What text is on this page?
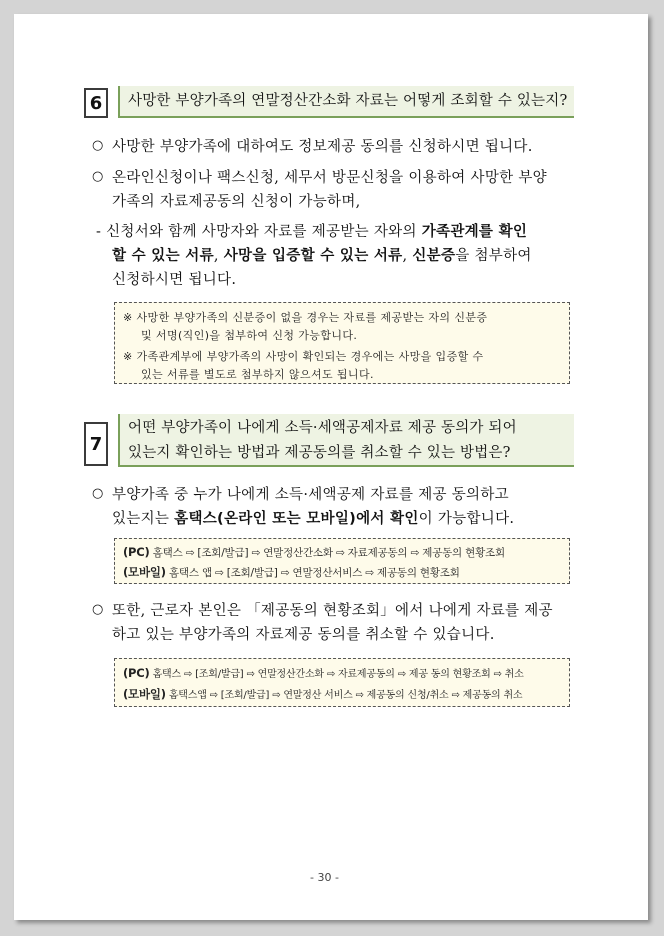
6	사망한 부양가족의 연말정산간소화 자료는 어떻게 조회할 수 있는지?
○ 사망한 부양가족에 대하여도 정보제공 동의를 신청하시면 됩니다.
○ 온라인신청이나 팩스신청, 세무서 방문신청을 이용하여 사망한 부양
가족의 자료제공동의 신청이 가능하며,
- 신청서와 함께 사망자와 자료를 제공받는 자와의 가족관계를 확인
할 수 있는 서류, 사망을 입증할 수 있는 서류, 신분증을 첨부하여
신청하시면 됩니다.
※ 사망한 부양가족의 신분증이 없을 경우는 자료를 제공받는 자의 신분증
및 서명(직인)을 첨부하여 신청 가능합니다.
※ 가족관계부에 부양가족의 사망이 확인되는 경우에는 사망을 입증할 수
있는 서류를 별도로 첨부하지 않으셔도 됩니다.
7
어떤 부양가족이 나에게 소득·세액공제자료 제공 동의가 되어
있는지 확인하는 방법과 제공동의를 취소할 수 있는 방법은?
○ 부양가족 중 누가 나에게 소득·세액공제 자료를 제공 동의하고
있는지는 홈택스(온라인 또는 모바일)에서 확인이 가능합니다.
(PC) 홈택스 ⇨ [조회/발급] ⇨ 연말정산간소화 ⇨ 자료제공동의 ⇨ 제공동의 현황조회
(모바일) 홈택스 앱 ⇨ [조회/발급] ⇨ 연말정산서비스 ⇨ 제공동의 현황조회
○ 또한, 근로자 본인은 「제공동의 현황조회」에서 나에게 자료를 제공
하고 있는 부양가족의 자료제공 동의를 취소할 수 있습니다.
(PC) 홈택스 ⇨ [조회/발급] ⇨ 연말정산간소화 ⇨ 자료제공동의 ⇨ 제공 동의 현황조회 ⇨ 취소
(모바일) 홈택스앱 ⇨ [조회/발급] ⇨ 연말정산 서비스 ⇨ 제공동의 신청/취소 ⇨ 제공동의 취소
- 30 -
